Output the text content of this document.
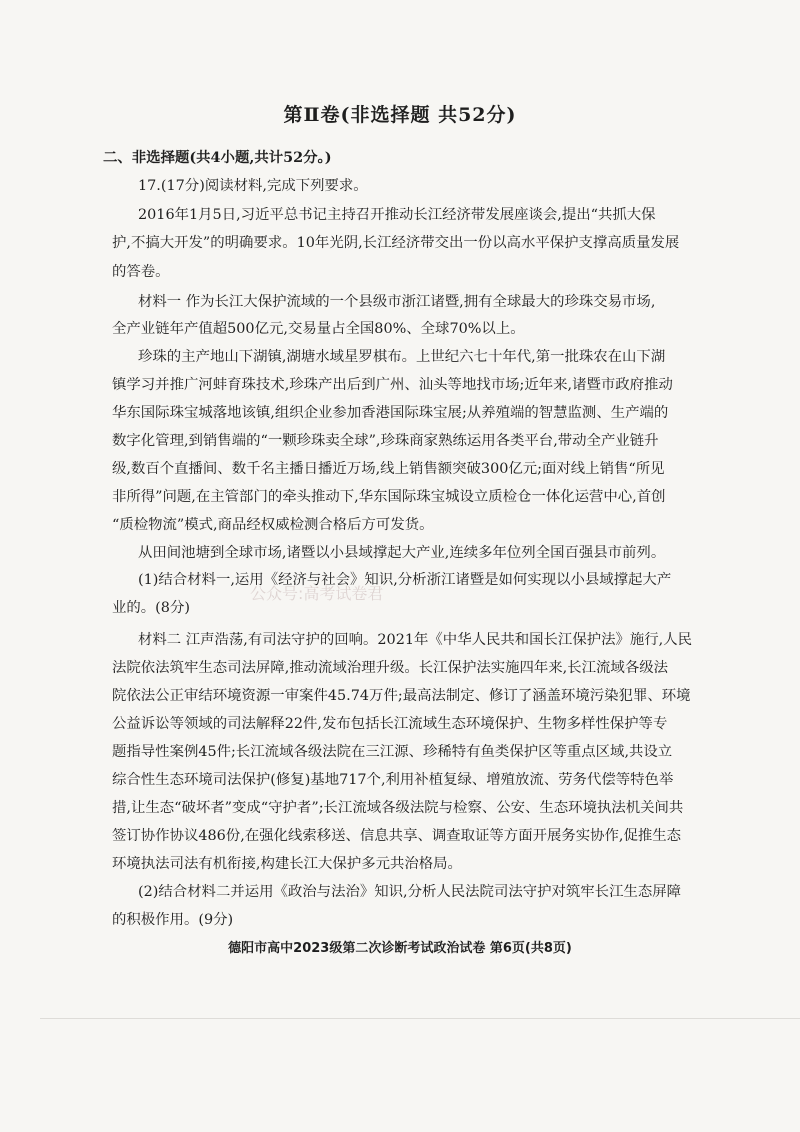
第Ⅱ卷(非选择题 共52分)
二、非选择题(共4小题,共计52分。)
17.(17分)阅读材料,完成下列要求。
2016年1月5日,习近平总书记主持召开推动长江经济带发展座谈会,提出“共抓大保
护,不搞大开发”的明确要求。10年光阴,长江经济带交出一份以高水平保护支撑高质量发展
的答卷。
材料一 作为长江大保护流域的一个县级市浙江诸暨,拥有全球最大的珍珠交易市场,
全产业链年产值超500亿元,交易量占全国80%、全球70%以上。
珍珠的主产地山下湖镇,湖塘水域星罗棋布。上世纪六七十年代,第一批珠农在山下湖
镇学习并推广河蚌育珠技术,珍珠产出后到广州、汕头等地找市场;近年来,诸暨市政府推动
华东国际珠宝城落地该镇,组织企业参加香港国际珠宝展;从养殖端的智慧监测、生产端的
数字化管理,到销售端的“一颗珍珠卖全球”,珍珠商家熟练运用各类平台,带动全产业链升
级,数百个直播间、数千名主播日播近万场,线上销售额突破300亿元;面对线上销售“所见
非所得”问题,在主管部门的牵头推动下,华东国际珠宝城设立质检仓一体化运营中心,首创
“质检物流”模式,商品经权威检测合格后方可发货。
从田间池塘到全球市场,诸暨以小县域撑起大产业,连续多年位列全国百强县市前列。
(1)结合材料一,运用《经济与社会》知识,分析浙江诸暨是如何实现以小县域撑起大产
业的。(8分)
公众号:高考试卷君
材料二 江声浩荡,有司法守护的回响。2021年《中华人民共和国长江保护法》施行,人民
法院依法筑牢生态司法屏障,推动流域治理升级。长江保护法实施四年来,长江流域各级法
院依法公正审结环境资源一审案件45.74万件;最高法制定、修订了涵盖环境污染犯罪、环境
公益诉讼等领域的司法解释22件,发布包括长江流域生态环境保护、生物多样性保护等专
题指导性案例45件;长江流域各级法院在三江源、珍稀特有鱼类保护区等重点区域,共设立
综合性生态环境司法保护(修复)基地717个,利用补植复绿、增殖放流、劳务代偿等特色举
措,让生态“破坏者”变成“守护者”;长江流域各级法院与检察、公安、生态环境执法机关间共
签订协作协议486份,在强化线索移送、信息共享、调查取证等方面开展务实协作,促推生态
环境执法司法有机衔接,构建长江大保护多元共治格局。
(2)结合材料二并运用《政治与法治》知识,分析人民法院司法守护对筑牢长江生态屏障
的积极作用。(9分)
德阳市高中2023级第二次诊断考试政治试卷 第6页(共8页)
